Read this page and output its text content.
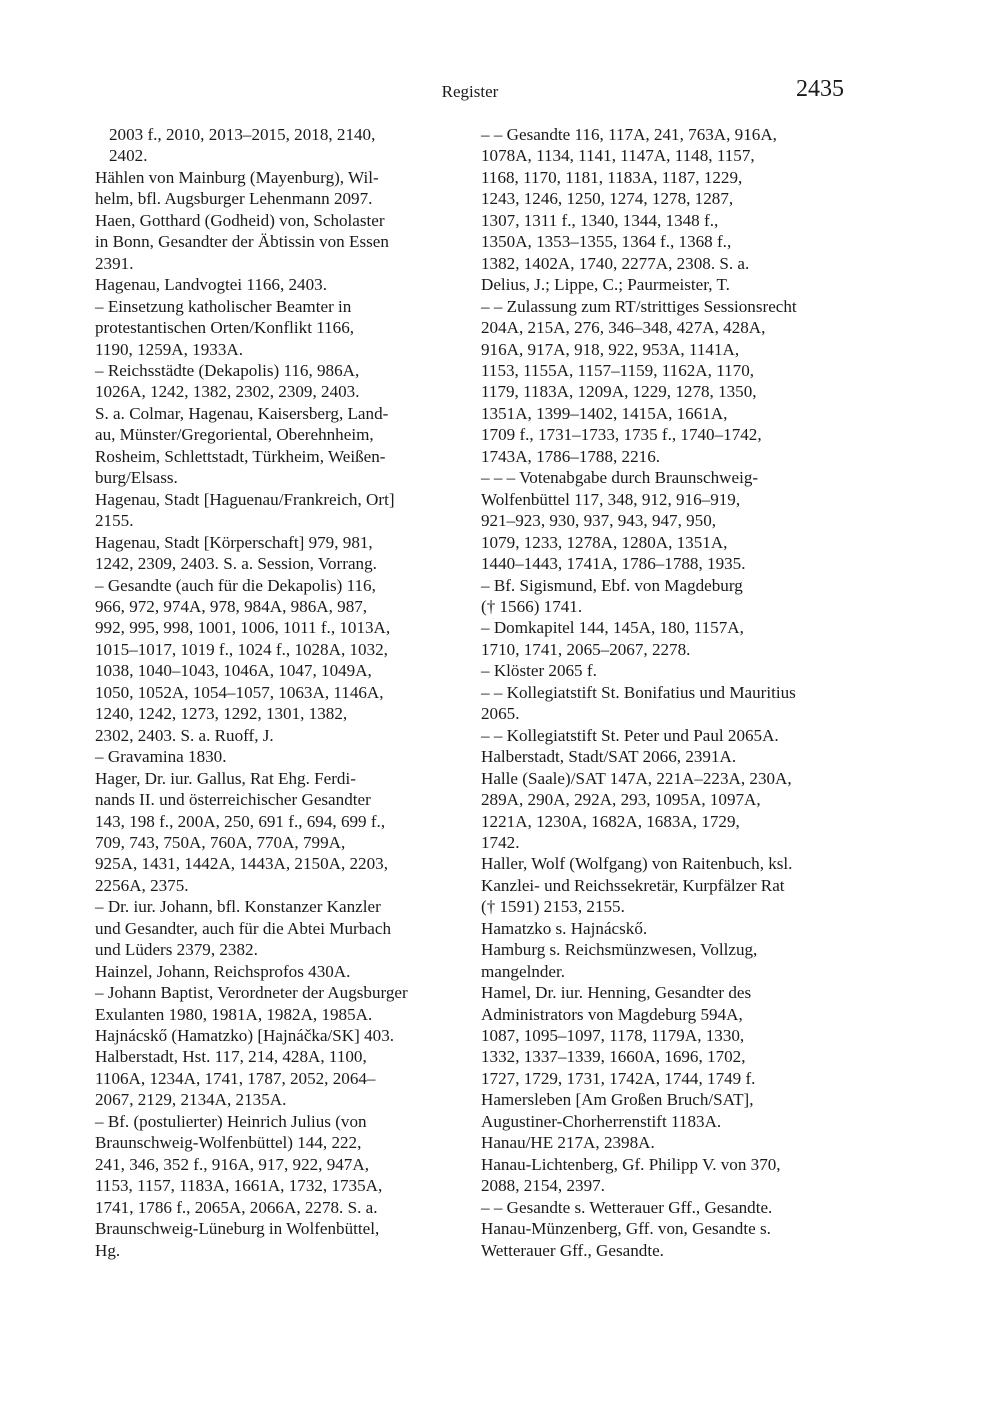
Register	2435
2003 f., 2010, 2013–2015, 2018, 2140,
2402.
Hählen von Mainburg (Mayenburg), Wil-
helm, bfl. Augsburger Lehenmann 2097.
Haen, Gotthard (Godheid) von, Scholaster
in Bonn, Gesandter der Äbtissin von Essen
2391.
Hagenau, Landvogtei 1166, 2403.
– Einsetzung katholischer Beamter in
protestantischen Orten/Konflikt 1166,
1190, 1259A, 1933A.
– Reichsstädte (Dekapolis) 116, 986A,
1026A, 1242, 1382, 2302, 2309, 2403.
S. a. Colmar, Hagenau, Kaisersberg, Land-
au, Münster/Gregoriental, Oberehnheim,
Rosheim, Schlettstadt, Türkheim, Weißen-
burg/Elsass.
Hagenau, Stadt [Haguenau/Frankreich, Ort]
2155.
Hagenau, Stadt [Körperschaft] 979, 981,
1242, 2309, 2403. S. a. Session, Vorrang.
– Gesandte (auch für die Dekapolis) 116,
966, 972, 974A, 978, 984A, 986A, 987,
992, 995, 998, 1001, 1006, 1011 f., 1013A,
1015–1017, 1019 f., 1024 f., 1028A, 1032,
1038, 1040–1043, 1046A, 1047, 1049A,
1050, 1052A, 1054–1057, 1063A, 1146A,
1240, 1242, 1273, 1292, 1301, 1382,
2302, 2403. S. a. Ruoff, J.
– Gravamina 1830.
Hager, Dr. iur. Gallus, Rat Ehg. Ferdi-
nands II. und österreichischer Gesandter
143, 198 f., 200A, 250, 691 f., 694, 699 f.,
709, 743, 750A, 760A, 770A, 799A,
925A, 1431, 1442A, 1443A, 2150A, 2203,
2256A, 2375.
– Dr. iur. Johann, bfl. Konstanzer Kanzler
und Gesandter, auch für die Abtei Murbach
und Lüders 2379, 2382.
Hainzel, Johann, Reichsprofos 430A.
– Johann Baptist, Verordneter der Augsburger
Exulanten 1980, 1981A, 1982A, 1985A.
Hajnácskő (Hamatzko) [Hajnáčka/SK] 403.
Halberstadt, Hst. 117, 214, 428A, 1100,
1106A, 1234A, 1741, 1787, 2052, 2064–
2067, 2129, 2134A, 2135A.
– Bf. (postulierter) Heinrich Julius (von
Braunschweig-Wolfenbüttel) 144, 222,
241, 346, 352 f., 916A, 917, 922, 947A,
1153, 1157, 1183A, 1661A, 1732, 1735A,
1741, 1786 f., 2065A, 2066A, 2278. S. a.
Braunschweig-Lüneburg in Wolfenbüttel,
Hg.
– – Gesandte 116, 117A, 241, 763A, 916A,
1078A, 1134, 1141, 1147A, 1148, 1157,
1168, 1170, 1181, 1183A, 1187, 1229,
1243, 1246, 1250, 1274, 1278, 1287,
1307, 1311 f., 1340, 1344, 1348 f.,
1350A, 1353–1355, 1364 f., 1368 f.,
1382, 1402A, 1740, 2277A, 2308. S. a.
Delius, J.; Lippe, C.; Paurmeister, T.
– – Zulassung zum RT/strittiges Sessionsrecht
204A, 215A, 276, 346–348, 427A, 428A,
916A, 917A, 918, 922, 953A, 1141A,
1153, 1155A, 1157–1159, 1162A, 1170,
1179, 1183A, 1209A, 1229, 1278, 1350,
1351A, 1399–1402, 1415A, 1661A,
1709 f., 1731–1733, 1735 f., 1740–1742,
1743A, 1786–1788, 2216.
– – – Votenabgabe durch Braunschweig-
Wolfenbüttel 117, 348, 912, 916–919,
921–923, 930, 937, 943, 947, 950,
1079, 1233, 1278A, 1280A, 1351A,
1440–1443, 1741A, 1786–1788, 1935.
– Bf. Sigismund, Ebf. von Magdeburg
(† 1566) 1741.
– Domkapitel 144, 145A, 180, 1157A,
1710, 1741, 2065–2067, 2278.
– Klöster 2065 f.
– – Kollegiatstift St. Bonifatius und Mauritius
2065.
– – Kollegiatstift St. Peter und Paul 2065A.
Halberstadt, Stadt/SAT 2066, 2391A.
Halle (Saale)/SAT 147A, 221A–223A, 230A,
289A, 290A, 292A, 293, 1095A, 1097A,
1221A, 1230A, 1682A, 1683A, 1729,
1742.
Haller, Wolf (Wolfgang) von Raitenbuch, ksl.
Kanzlei- und Reichssekretär, Kurpfälzer Rat
(† 1591) 2153, 2155.
Hamatzko s. Hajnácskő.
Hamburg s. Reichsmünzwesen, Vollzug,
mangelnder.
Hamel, Dr. iur. Henning, Gesandter des
Administrators von Magdeburg 594A,
1087, 1095–1097, 1178, 1179A, 1330,
1332, 1337–1339, 1660A, 1696, 1702,
1727, 1729, 1731, 1742A, 1744, 1749 f.
Hamersleben [Am Großen Bruch/SAT],
Augustiner-Chorherrenstift 1183A.
Hanau/HE 217A, 2398A.
Hanau-Lichtenberg, Gf. Philipp V. von 370,
2088, 2154, 2397.
– – Gesandte s. Wetterauer Gff., Gesandte.
Hanau-Münzenberg, Gff. von, Gesandte s.
Wetterauer Gff., Gesandte.
